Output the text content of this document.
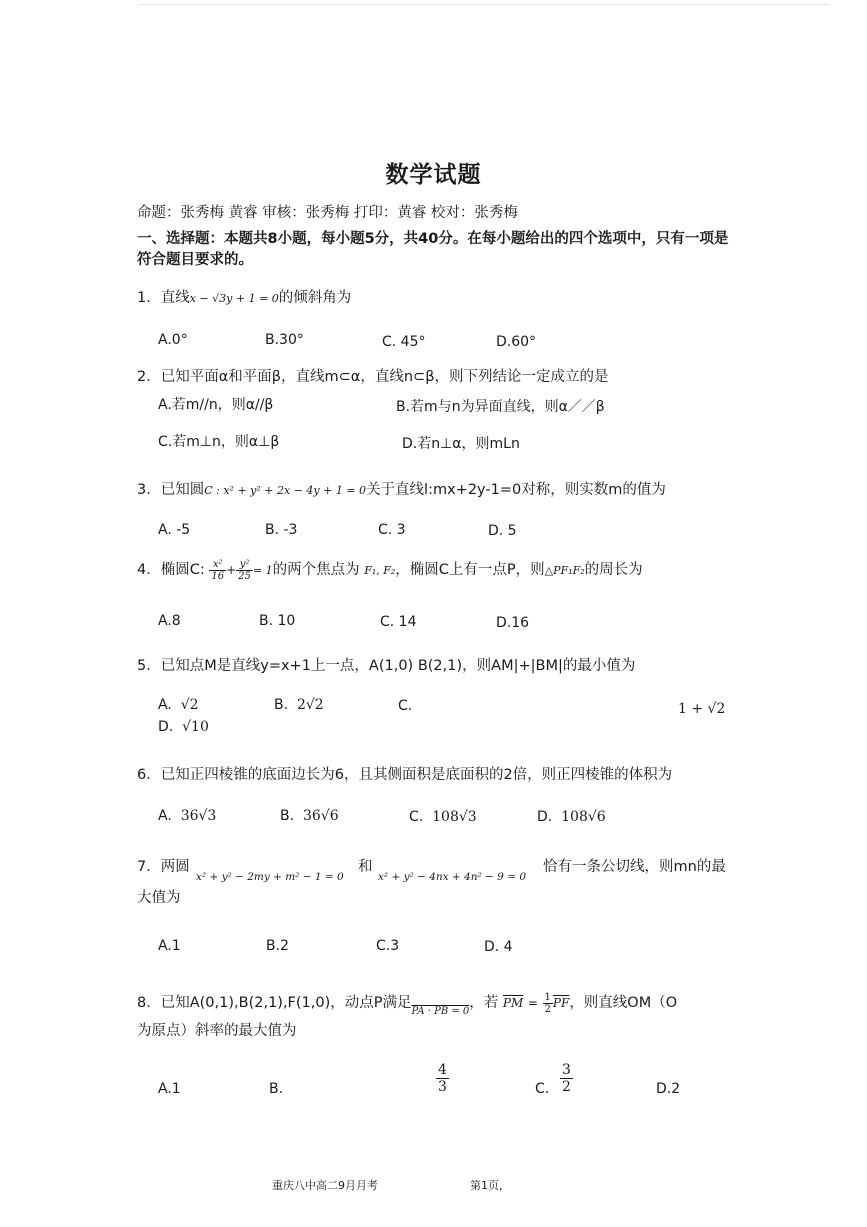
数学试题
命题：张秀梅 黄睿 审核：张秀梅 打印：黄睿 校对：张秀梅
一、选择题：本题共8小题，每小题5分，共40分。在每小题给出的四个选项中，只有一项是符合题目要求的。
1．直线x − √3y + 1 = 0的倾斜角为
A.0°	B.30°	C. 45°	D.60°
2．已知平面α和平面β，直线m⊂α，直线n⊂β，则下列结论一定成立的是
A.若m//n，则α//β	B.若m与n为异面直线，则α／／β
C.若m⊥n，则α⊥β	D.若n⊥α，则mLn
3．已知圆C : x² + y² + 2x − 4y + 1 = 0关于直线l:mx+2y-1=0对称，则实数m的值为
A. -5	B. -3	C. 3	D. 5
4．椭圆C: $\frac{\text{x²}}{16} + \frac{\text{y²}}{25} = 1$的两个焦点为 F₁, F₂，椭圆C上有一点P，则△PF₁F₂的周长为
A.8	B. 10	C. 14	D.16
5．已知点M是直线y=x+1上一点，A(1,0) B(2,1)，则AM|+|BM|的最小值为
A. √2	B. 2√2	C.	1 + √2
D. √10
6．已知正四棱锥的底面边长为6，且其侧面积是底面积的2倍，则正四棱锥的体积为
A. 36√3	B. 36√6	C. 108√3	D. 108√6
7．两圆
x² + y² − 2my + m² − 1 = 0
和
x² + y² − 4nx + 4n² − 9 = 0
恰有一条公切线，则mn的最
大值为
A.1	B.2	C.3	D. 4
8．已知A(0,1),B(2,1),F(1,0)，动点P满足$_{PA \cdot PB = 0}$，若 $\overline{PM} = \frac{1}{2} \overline{PF}$，则直线OM（O
为原点）斜率的最大值为
A.1	B.	$\frac{4}{3}$	C. $\frac{3}{2}$	D.2
重庆八中高二9月月考	第1页，
